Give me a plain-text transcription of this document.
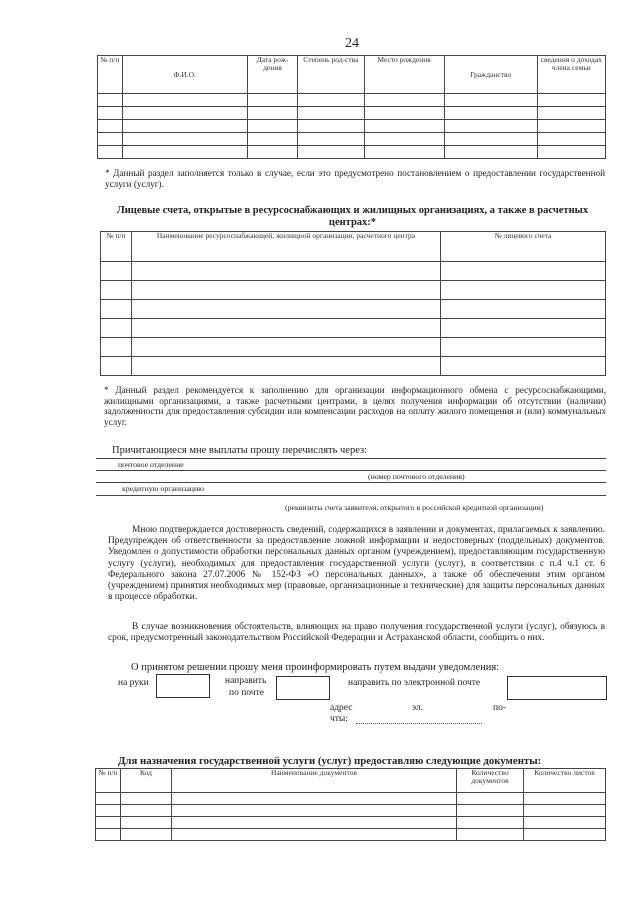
24
№ п/п	Ф.И.О.	Дата рож-дения	Степень род-ства	Место рождения	Гражданство	сведения о доходах члена семьи

* Данный раздел заполняется только в случае, если это предусмотрено постановлением о предоставлении государственной услуги (услуг).
Лицевые счета, открытые в ресурсоснабжающих и жилищных организациях, а также в расчетных центрах:*
№ п/п	Наименование ресурсоснабжающей, жилищной организации, расчетного центра	№ лицевого счета

* Данный раздел рекомендуется к заполнению для организации информационного обмена с ресурсоснабжающими, жилищными организациями, а также расчетными центрами, в целях получения информации об отсутствии (наличии) задолженности для предоставления субсидии или компенсации расходов на оплату жилого помещения и (или) коммунальных услуг.
Причитающиеся мне выплаты прошу перечислять через:
почтовое отделение
(номер почтового отделения)
кредитную организацию
(реквизиты счета заявителя, открытого в российской кредитной организации)
Мною подтверждается достоверность сведений, содержащихся в заявлении и документах, прилагаемых к заявлению. Предупрежден об ответственности за предоставление ложной информации и недостоверных (поддельных) документов. Уведомлен о допустимости обработки персональных данных органом (учреждением), предоставляющим государственную услугу (услуги), необходимых для предоставления государственной услуги (услуг), в соответствии с п.4 ч.1 ст. 6 Федерального закона 27.07.2006 № 152-ФЗ «О персональных данных», а также об обеспечении этим органом (учреждением) принятия необходимых мер (правовые, организационные и технические) для защиты персональных данных в процессе обработки.
В случае возникновения обстоятельств, влияющих на право получения государственной услуги (услуг), обязуюсь в срок, предусмотренный законодательством Российской Федерации и Астраханской области, сообщить о них.
О принятом решении прошу меня проинформировать путем выдачи уведомления:
на руки	направить
по почте
направить по электронной почте
адрес	эл.	по-
чты:
Для назначения государственной услуги (услуг) предоставляю следующие документы:
№ п/п	Код	Наименование документов	Количество документов	Количество листов
